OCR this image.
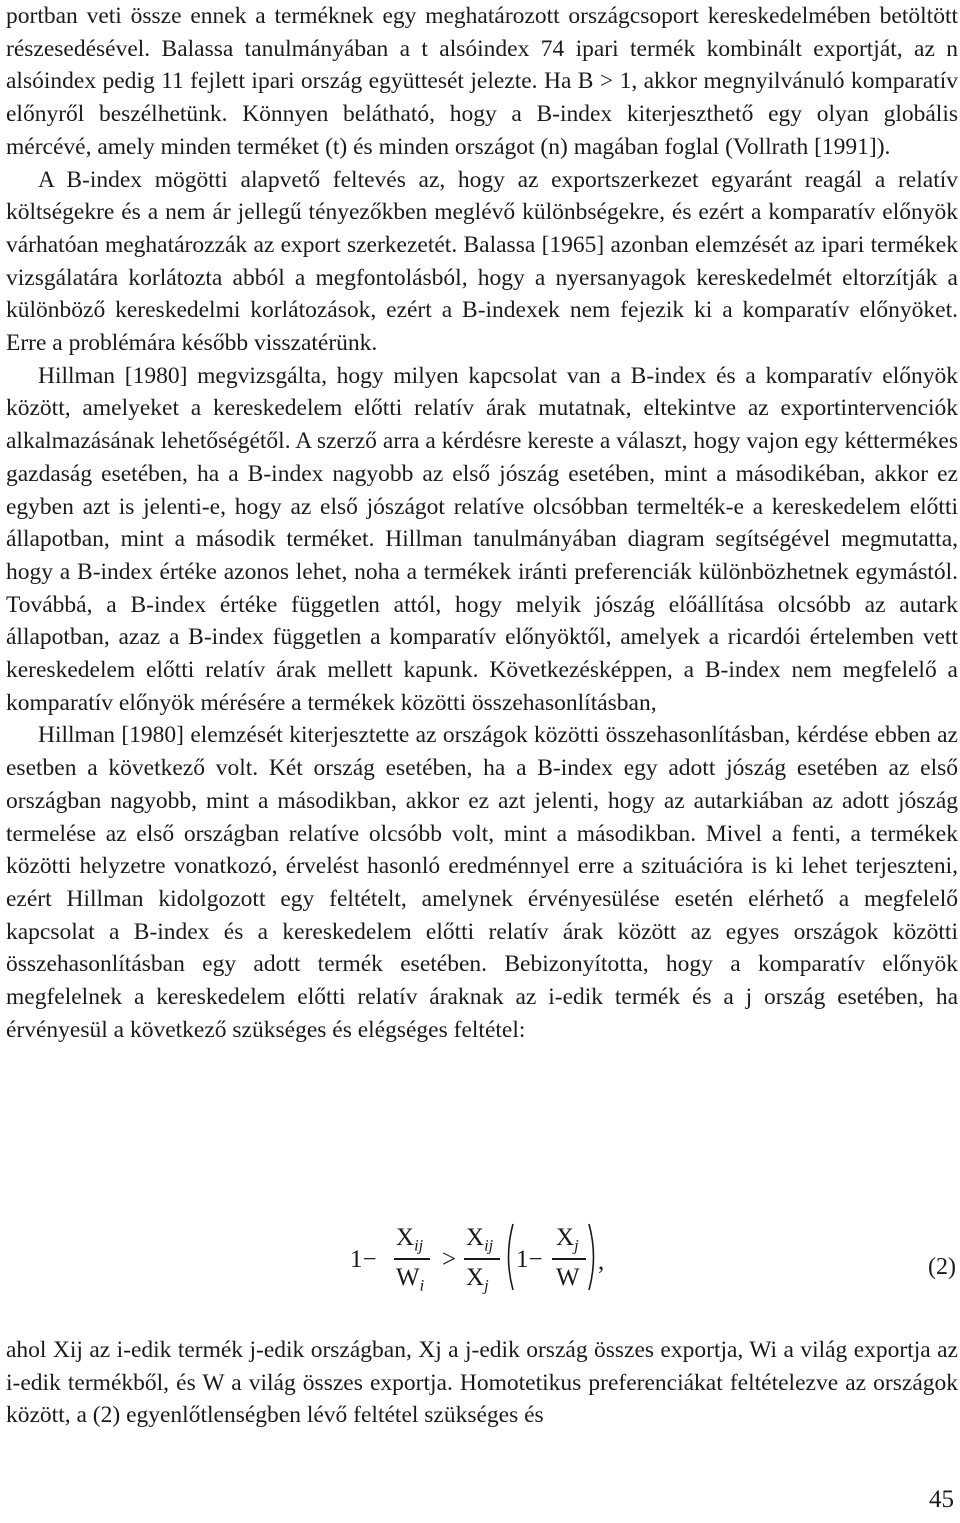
portban veti össze ennek a terméknek egy meghatározott országcsoport kereskedelmében betöltött részesedésével. Balassa tanulmányában a t alsóindex 74 ipari termék kombinált exportját, az n alsóindex pedig 11 fejlett ipari ország együttesét jelezte. Ha B > 1, akkor megnyilvánuló komparatív előnyről beszélhetünk. Könnyen belátható, hogy a B-index kiterjeszthető egy olyan globális mércévé, amely minden terméket (t) és minden országot (n) magában foglal (Vollrath [1991]).

A B-index mögötti alapvető feltevés az, hogy az exportszerkezet egyaránt reagál a relatív költségekre és a nem ár jellegű tényezőkben meglévő különbségekre, és ezért a komparatív előnyök várhatóan meghatározzák az export szerkezetét. Balassa [1965] azonban elemzését az ipari termékek vizsgálatára korlátozta abból a megfontolásból, hogy a nyersanyagok kereskedelmét eltorzítják a különböző kereskedelmi korlátozások, ezért a B-indexek nem fejezik ki a komparatív előnyöket. Erre a problémára később visszatérünk.

Hillman [1980] megvizsgálta, hogy milyen kapcsolat van a B-index és a komparatív előnyök között, amelyeket a kereskedelem előtti relatív árak mutatnak, eltekintve az exportintervenciók alkalmazásának lehetőségétől. A szerző arra a kérdésre kereste a választ, hogy vajon egy kéttermékes gazdaság esetében, ha a B-index nagyobb az első jószág esetében, mint a másodikéban, akkor ez egyben azt is jelenti-e, hogy az első jószágot relatíve olcsóbban termelték-e a kereskedelem előtti állapotban, mint a második terméket. Hillman tanulmányában diagram segítségével megmutatta, hogy a B-index értéke azonos lehet, noha a termékek iránti preferenciák különbözhetnek egymástól. Továbbá, a B-index értéke független attól, hogy melyik jószág előállítása olcsóbb az autark állapotban, azaz a B-index független a komparatív előnyöktől, amelyek a ricardói értelemben vett kereskedelem előtti relatív árak mellett kapunk. Következésképpen, a B-index nem megfelelő a komparatív előnyök mérésére a termékek közötti összehasonlításban,

Hillman [1980] elemzését kiterjesztette az országok közötti összehasonlításban, kérdése ebben az esetben a következő volt. Két ország esetében, ha a B-index egy adott jószág esetében az első országban nagyobb, mint a másodikban, akkor ez azt jelenti, hogy az autarkiában az adott jószág termelése az első országban relatíve olcsóbb volt, mint a másodikban. Mivel a fenti, a termékek közötti helyzetre vonatkozó, érvelést hasonló eredménnyel erre a szituációra is ki lehet terjeszteni, ezért Hillman kidolgozott egy feltételt, amelynek érvényesülése esetén elérhető a megfelelő kapcsolat a B-index és a kereskedelem előtti relatív árak között az egyes országok közötti összehasonlításban egy adott termék esetében. Bebizonyította, hogy a komparatív előnyök megfelelnek a kereskedelem előtti relatív áraknak az i-edik termék és a j ország esetében, ha érvényesül a következő szükséges és elégséges feltétel:

1−
$X_{ij}$
$W_i$
>
$X_{ij}$
$X_j$
1−
$X_j$
W
,	(2)

ahol Xij az i-edik termék j-edik országban, Xj a j-edik ország összes exportja, Wi a világ exportja az i-edik termékből, és W a világ összes exportja. Homotetikus preferenciákat feltételezve az országok között, a (2) egyenlőtlenségben lévő feltétel szükséges és

45
